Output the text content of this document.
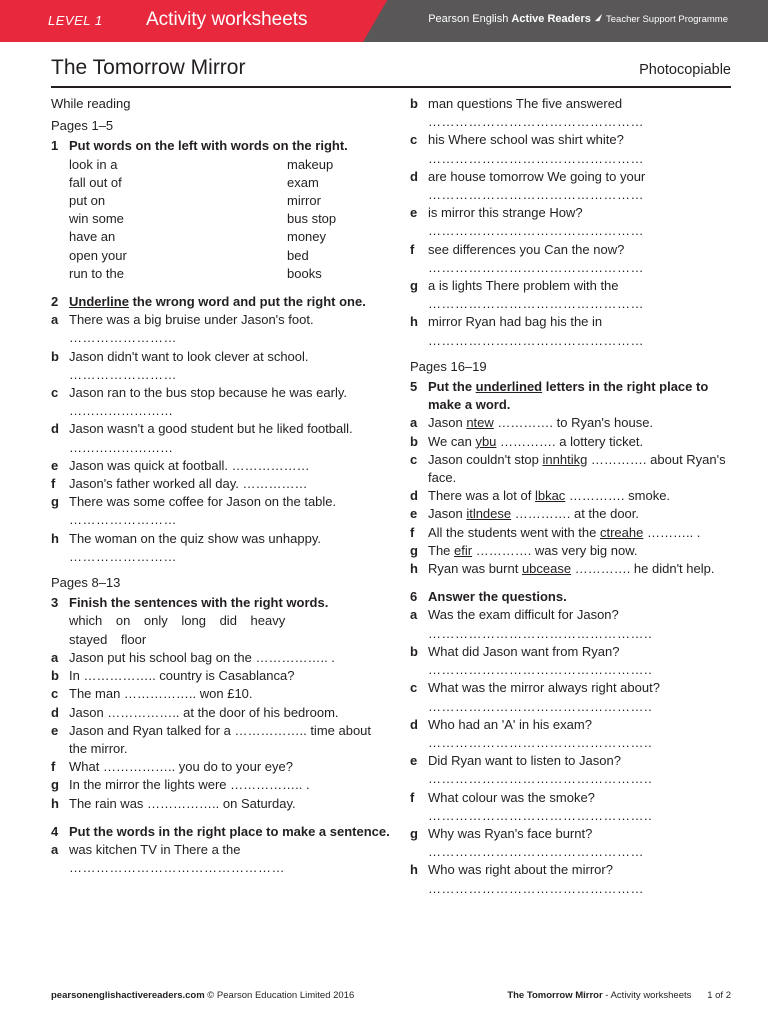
LEVEL 1 Activity worksheets	Pearson English Active Readers Teacher Support Programme
The Tomorrow Mirror	Photocopiable
While reading
Pages 1–5
1 Put words on the left with words on the right.
look in a	makeup
fall out of	exam
put on	mirror
win some	bus stop
have an	money
open your	bed
run to the	books
2 Underline the wrong word and put the right one.
a There was a big bruise under Jason's foot.
……………………
b Jason didn't want to look clever at school.
……………………
c Jason ran to the bus stop because he was early. ……………………
d Jason wasn't a good student but he liked football. ……………………
e Jason was quick at football. ………………
f	Jason's father worked all day. ……………
g There was some coffee for Jason on the table.
……………………
h The woman on the quiz show was unhappy.
……………………
Pages 8–13
3 Finish the sentences with the right words.
which on only long did heavy
stayed floor
a Jason put his school bag on the …………….. .
b In …………….. country is Casablanca?
c The man …………….. won £10.
d Jason …………….. at the door of his bedroom.
e Jason and Ryan talked for a …………….. time about the mirror.
f	What …………….. you do to your eye?
g In the mirror the lights were …………….. .
h The rain was …………….. on Saturday.
4 Put the words in the right place to make a sentence.
a was kitchen TV in There a the
…………………………………………
b man questions The five answered
…………………………………………
c his Where school was shirt white?
…………………………………………
d are house tomorrow We going to your
…………………………………………
e is mirror this strange How?
…………………………………………
f	see differences you Can the now?
…………………………………………
g a is lights There problem with the
…………………………………………
h mirror Ryan had bag his the in
…………………………………………
Pages 16–19
5 Put the underlined letters in the right place to make a word.
a Jason ntew …………. to Ryan's house.
b We can ybu …………. a lottery ticket.
c Jason couldn't stop innhtikg …………. about Ryan's face.
d There was a lot of lbkac …………. smoke.
e Jason itlndese …………. at the door.
f	All the students went with the ctreahe ……….. .
g The efir …………. was very big now.
h Ryan was burnt ubcease …………. he didn't help.
6 Answer the questions.
a Was the exam difficult for Jason?
…………………………………………..
b What did Jason want from Ryan?
…………………………………………..
c What was the mirror always right about?
…………………………………………..
d Who had an 'A' in his exam?
…………………………………………..
e Did Ryan want to listen to Jason?
…………………………………………..
f	What colour was the smoke?
…………………………………………..
g Why was Ryan's face burnt?
…………………………………………
h Who was right about the mirror?
…………………………………………
pearsonenglishactivereaders.com © Pearson Education Limited 2016	The Tomorrow Mirror - Activity worksheets 1 of 2
